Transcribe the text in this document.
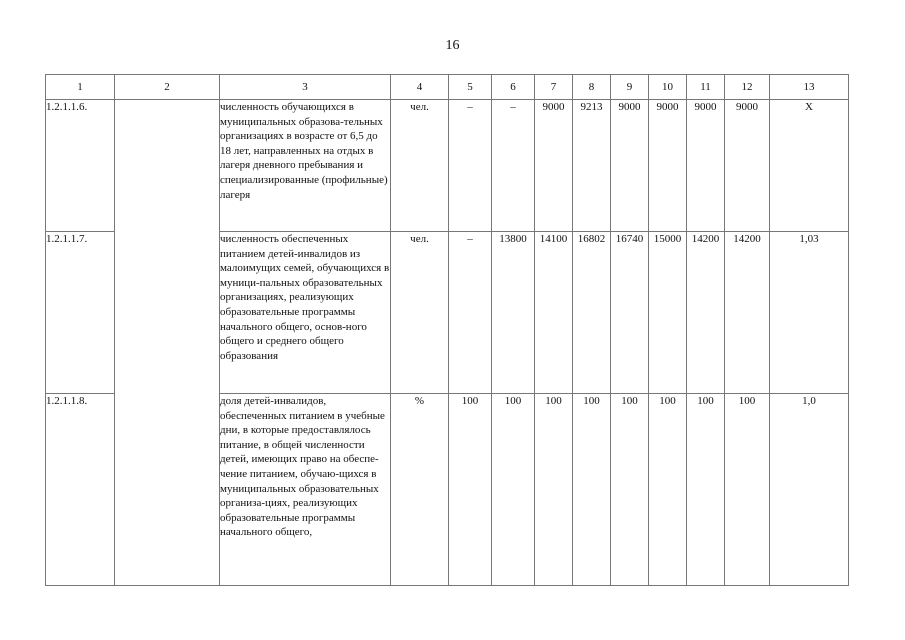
16
1	2	3	4	5	6	7	8	9	10	11	12	13
1.2.1.1.6.		численность обучающихся в муниципальных образова-тельных организациях в возрасте от 6,5 до 18 лет, направленных на отдых в лагеря дневного пребывания и специализированные (профильные) лагеря	чел.	–	–	9000	9213	9000	9000	9000	9000	Х
1.2.1.1.7.		численность обеспеченных питанием детей-инвалидов из малоимущих семей, обучающихся в муници-пальных образовательных организациях, реализующих образовательные программы начального общего, основ-ного общего и среднего общего образования	чел.	–	13800	14100	16802	16740	15000	14200	14200	1,03
1.2.1.1.8.		доля детей-инвалидов, обеспеченных питанием в учебные дни, в которые предоставлялось питание, в общей численности детей, имеющих право на обеспе-чение питанием, обучаю-щихся в муниципальных образовательных организа-циях, реализующих образовательные программы начального общего,	%	100	100	100	100	100	100	100	100	1,0
